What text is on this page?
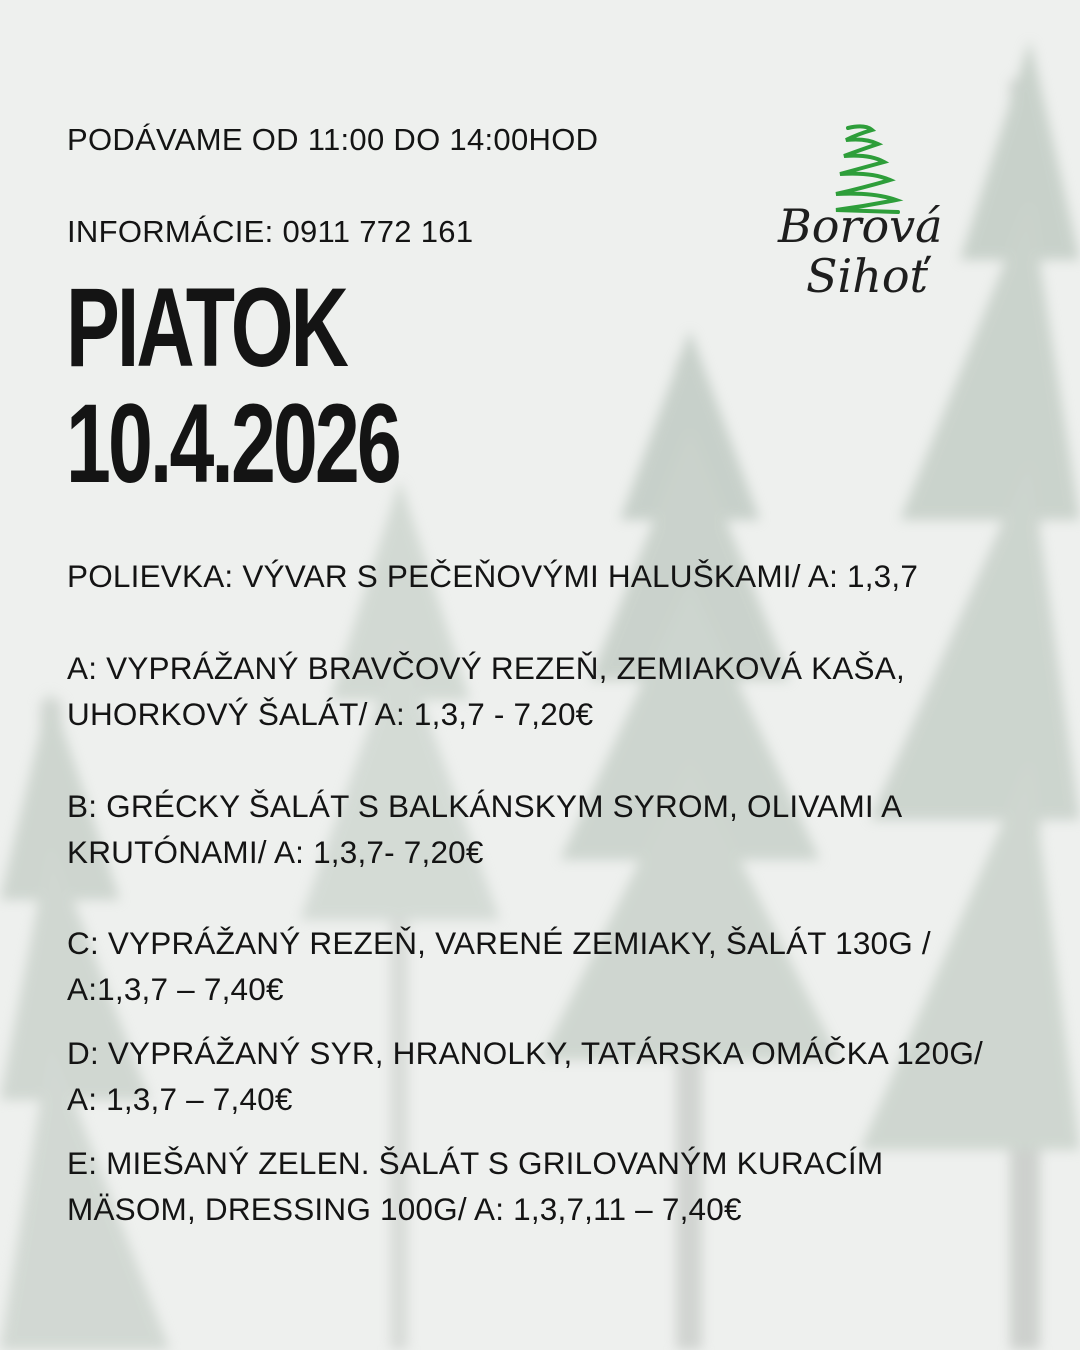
PODÁVAME OD 11:00 DO 14:00HOD
INFORMÁCIE: 0911 772 161
PIATOK
10.4.2026
Borová
Sihoť
POLIEVKA: VÝVAR S PEČEŇOVÝMI HALUŠKAMI/ A: 1,3,7
A: VYPRÁŽANÝ BRAVČOVÝ REZEŇ, ZEMIAKOVÁ KAŠA, UHORKOVÝ ŠALÁT/ A: 1,3,7 - 7,20€
B: GRÉCKY ŠALÁT S BALKÁNSKYM SYROM, OLIVAMI A KRUTÓNAMI/ A: 1,3,7- 7,20€
C: VYPRÁŽANÝ REZEŇ, VARENÉ ZEMIAKY, ŠALÁT 130G / A:1,3,7 – 7,40€
D: VYPRÁŽANÝ SYR, HRANOLKY, TATÁRSKA OMÁČKA 120G/ A: 1,3,7 – 7,40€
E: MIEŠANÝ ZELEN. ŠALÁT S GRILOVANÝM KURACÍM MÄSOM, DRESSING 100G/ A: 1,3,7,11 – 7,40€
